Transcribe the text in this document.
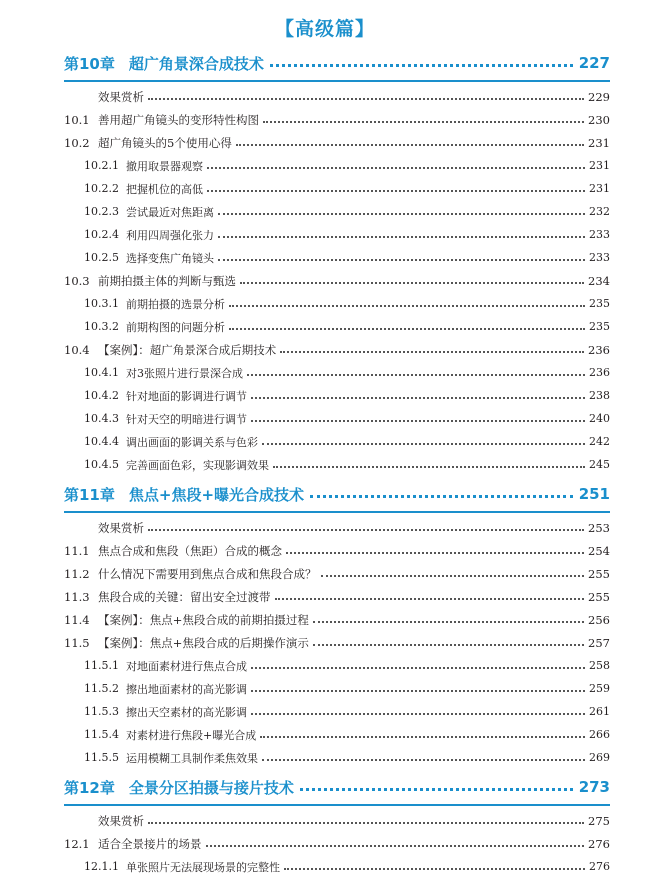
【高级篇】
第10章 超广角景深合成技术	227
效果赏析	229
10.1 善用超广角镜头的变形特性构图	230
10.2 超广角镜头的5个使用心得	231
10.2.1 撤用取景器观察	231
10.2.2 把握机位的高低	231
10.2.3 尝试最近对焦距离	232
10.2.4 利用四周强化张力	233
10.2.5 选择变焦广角镜头	233
10.3 前期拍摄主体的判断与甄选	234
10.3.1 前期拍摄的选景分析	235
10.3.2 前期构图的问题分析	235
10.4 【案例】：超广角景深合成后期技术	236
10.4.1 对3张照片进行景深合成	236
10.4.2 针对地面的影调进行调节	238
10.4.3 针对天空的明暗进行调节	240
10.4.4 调出画面的影调关系与色彩	242
10.4.5 完善画面色彩，实现影调效果	245
第11章 焦点+焦段+曝光合成技术	251
效果赏析	253
11.1 焦点合成和焦段（焦距）合成的概念	254
11.2 什么情况下需要用到焦点合成和焦段合成？	255
11.3 焦段合成的关键：留出安全过渡带	255
11.4 【案例】：焦点+焦段合成的前期拍摄过程	256
11.5 【案例】：焦点+焦段合成的后期操作演示	257
11.5.1 对地面素材进行焦点合成	258
11.5.2 擦出地面素材的高光影调	259
11.5.3 擦出天空素材的高光影调	261
11.5.4 对素材进行焦段+曝光合成	266
11.5.5 运用模糊工具制作柔焦效果	269
第12章 全景分区拍摄与接片技术	273
效果赏析	275
12.1 适合全景接片的场景	276
12.1.1 单张照片无法展现场景的完整性	276
